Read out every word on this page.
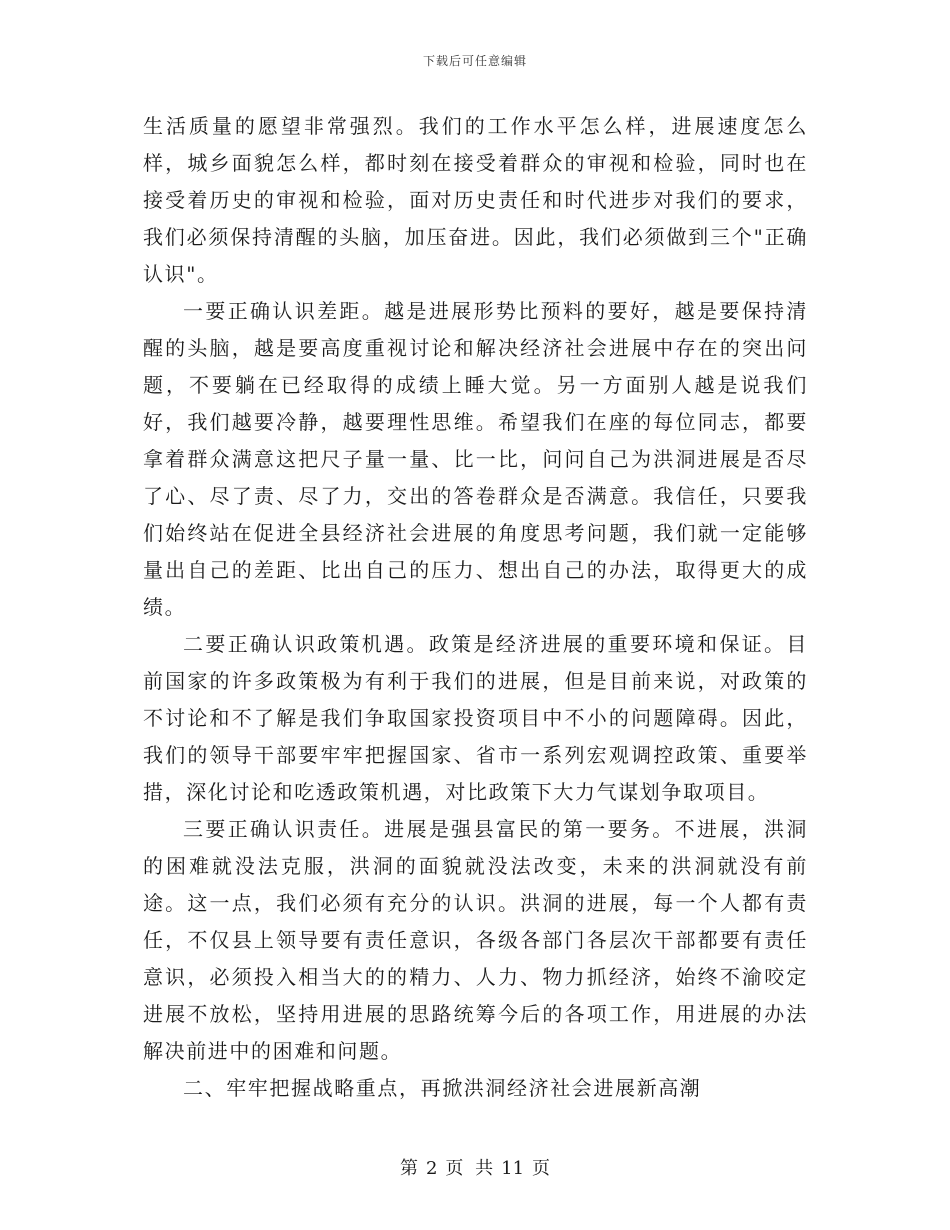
下载后可任意编辑

生活质量的愿望非常强烈。我们的工作水平怎么样，进展速度怎么样，城乡面貌怎么样，都时刻在接受着群众的审视和检验，同时也在接受着历史的审视和检验，面对历史责任和时代进步对我们的要求，我们必须保持清醒的头脑，加压奋进。因此，我们必须做到三个"正确认识"。

一要正确认识差距。越是进展形势比预料的要好，越是要保持清醒的头脑，越是要高度重视讨论和解决经济社会进展中存在的突出问题，不要躺在已经取得的成绩上睡大觉。另一方面别人越是说我们好，我们越要冷静，越要理性思维。希望我们在座的每位同志，都要拿着群众满意这把尺子量一量、比一比，问问自己为洪洞进展是否尽了心、尽了责、尽了力，交出的答卷群众是否满意。我信任，只要我们始终站在促进全县经济社会进展的角度思考问题，我们就一定能够量出自己的差距、比出自己的压力、想出自己的办法，取得更大的成绩。

二要正确认识政策机遇。政策是经济进展的重要环境和保证。目前国家的许多政策极为有利于我们的进展，但是目前来说，对政策的不讨论和不了解是我们争取国家投资项目中不小的问题障碍。因此，我们的领导干部要牢牢把握国家、省市一系列宏观调控政策、重要举措，深化讨论和吃透政策机遇，对比政策下大力气谋划争取项目。

三要正确认识责任。进展是强县富民的第一要务。不进展，洪洞的困难就没法克服，洪洞的面貌就没法改变，未来的洪洞就没有前途。这一点，我们必须有充分的认识。洪洞的进展，每一个人都有责任，不仅县上领导要有责任意识，各级各部门各层次干部都要有责任意识，必须投入相当大的的精力、人力、物力抓经济，始终不渝咬定进展不放松，坚持用进展的思路统筹今后的各项工作，用进展的办法解决前进中的困难和问题。

二、牢牢把握战略重点，再掀洪洞经济社会进展新高潮

第 2 页 共 11 页
